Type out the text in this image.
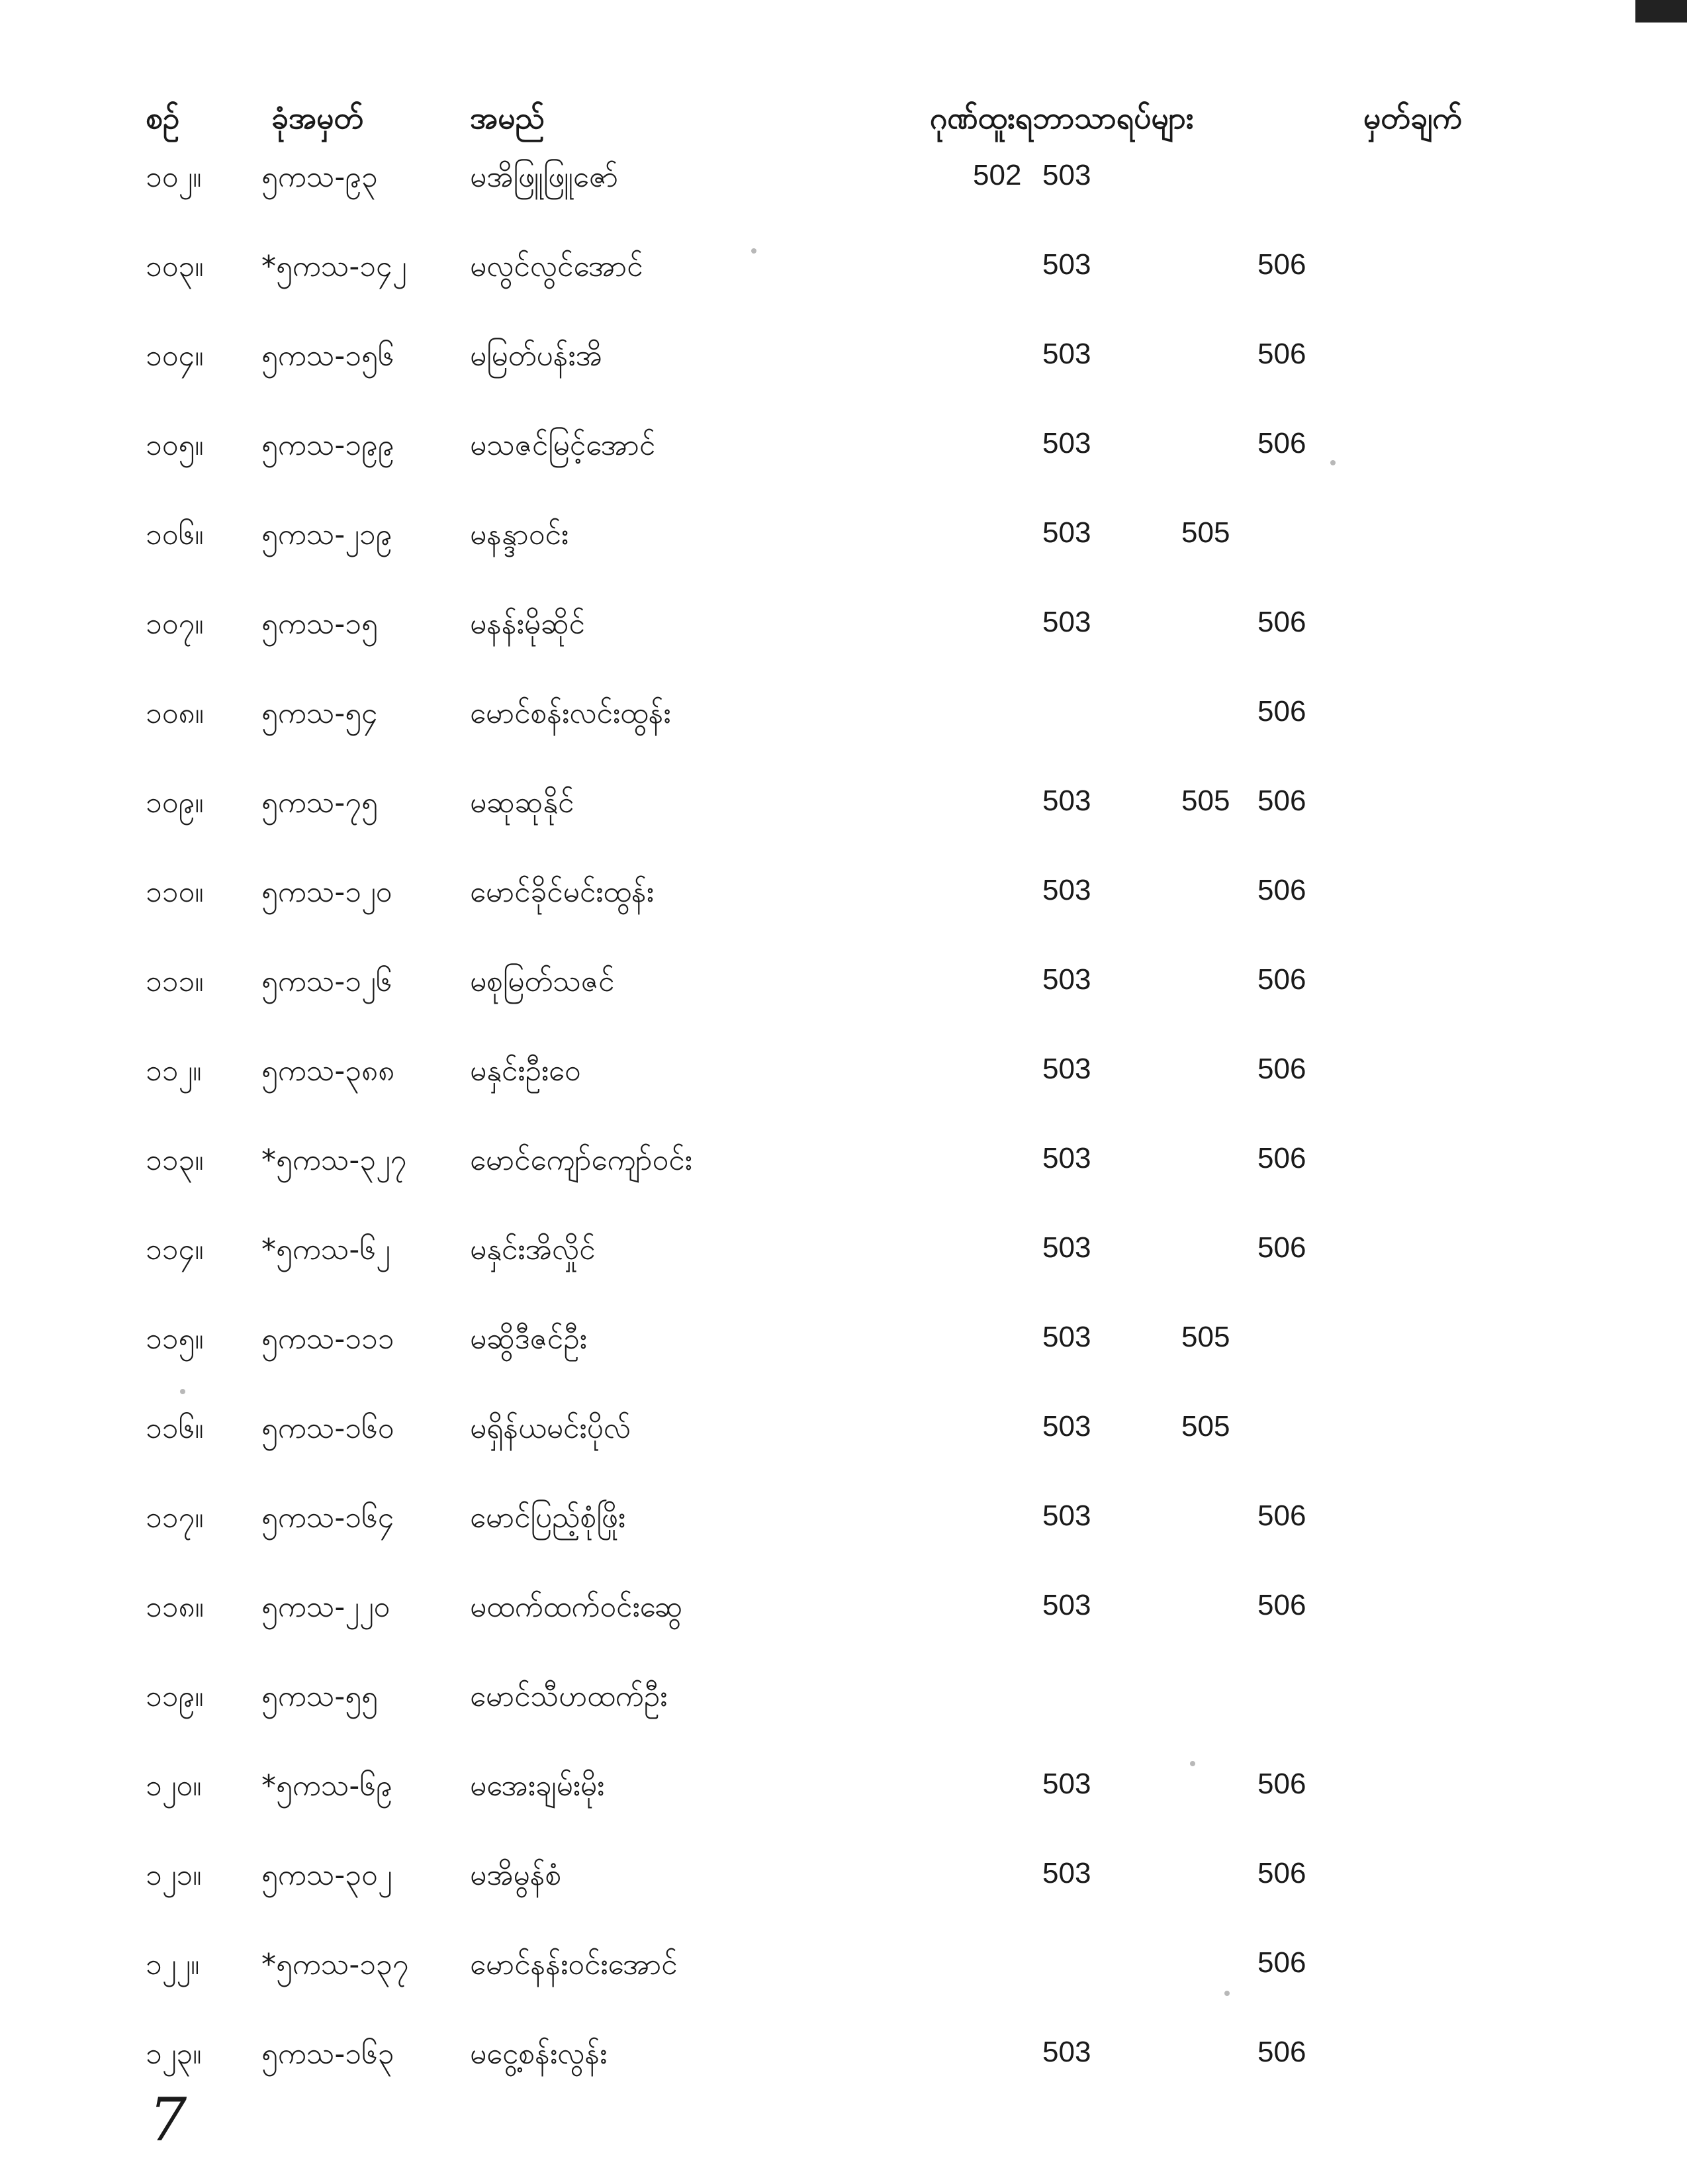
စဥ်	ခုံအမှတ်	အမည်	ဂုဏ်ထူးရဘာသာရပ်များ	မှတ်ချက်
၁၀၂။ ၅ကသ-၉၃	မအိဖြူဖြူဇော်	502 503
၁၀၃။ *၅ကသ-၁၄၂ မလွင်လွင်အောင်	503	506
၁၀၄။ ၅ကသ-၁၅၆	မမြတ်ပန်းအိ	503	506
၁၀၅။ ၅ကသ-၁၉၉	မသဇင်မြင့်အောင်	503	506
၁၀၆။ ၅ကသ-၂၁၉	မနန္ဒာဝင်း	503	505
၁၀၇။ ၅ကသ-၁၅	မနန်းမိုဆိုင်	503	506
၁၀၈။ ၅ကသ-၅၄	မောင်စန်းလင်းထွန်း	506
၁၀၉။ ၅ကသ-၇၅	မဆုဆုနိုင်	503	505 506
၁၁၀။ ၅ကသ-၁၂၀	မောင်ခိုင်မင်းထွန်း	503	506
၁၁၁။ ၅ကသ-၁၂၆	မစုမြတ်သဇင်	503	506
၁၁၂။ ၅ကသ-၃၈၈	မနှင်းဦးဝေ	503	506
၁၁၃။ *၅ကသ-၃၂၇ မောင်ကျော်ကျော်ဝင်း	503	506
၁၁၄။ *၅ကသ-၆၂	မနှင်းအိလှိုင်	503	506
၁၁၅။ ၅ကသ-၁၁၁	မဆွိဒီဇင်ဦး	503	505
၁၁၆။ ၅ကသ-၁၆၀	မရှိန်ယမင်းပိုလ်	503	505
၁၁၇။ ၅ကသ-၁၆၄	မောင်ပြည့်စုံဖြိုး	503	506
၁၁၈။ ၅ကသ-၂၂၀	မထက်ထက်ဝင်းဆွေ	503	506
၁၁၉။ ၅ကသ-၅၅	မောင်သီဟထက်ဦး
၁၂၀။ *၅ကသ-၆၉	မအေးချမ်းမိုး	503	506
၁၂၁။ ၅ကသ-၃၀၂	မအိမွန်စံ	503	506
၁၂၂။ *၅ကသ-၁၃၇ မောင်နန်းဝင်းအောင်	506
၁၂၃။ ၅ကသ-၁၆၃	မငွေ့စန်းလွန်း	503	506
7
